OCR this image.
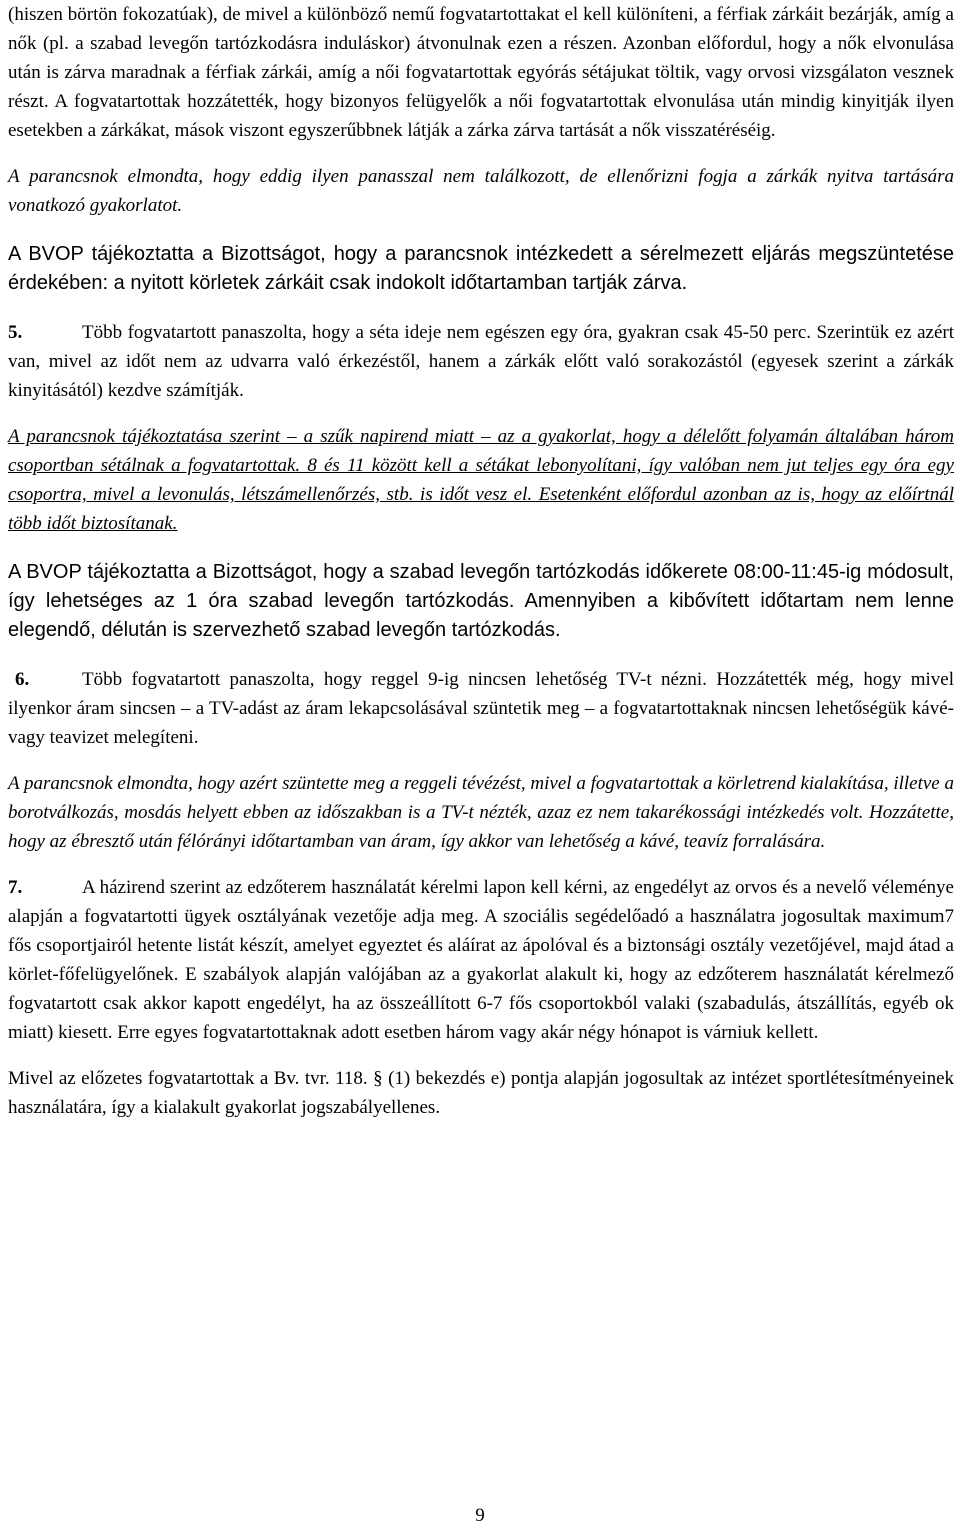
(hiszen börtön fokozatúak), de mivel a különböző nemű fogvatartottakat el kell különíteni, a férfiak zárkáit bezárják, amíg a nők (pl. a szabad levegőn tartózkodásra induláskor) átvonulnak ezen a részen. Azonban előfordul, hogy a nők elvonulása után is zárva maradnak a férfiak zárkái, amíg a női fogvatartottak egyórás sétájukat töltik, vagy orvosi vizsgálaton vesznek részt. A fogvatartottak hozzátették, hogy bizonyos felügyelők a női fogvatartottak elvonulása után mindig kinyitják ilyen esetekben a zárkákat, mások viszont egyszerűbbnek látják a zárka zárva tartását a nők visszatéréséig.

A parancsnok elmondta, hogy eddig ilyen panasszal nem találkozott, de ellenőrizni fogja a zárkák nyitva tartására vonatkozó gyakorlatot.

A BVOP tájékoztatta a Bizottságot, hogy a parancsnok intézkedett a sérelmezett eljárás megszüntetése érdekében: a nyitott körletek zárkáit csak indokolt időtartamban tartják zárva.

5.	Több fogvatartott panaszolta, hogy a séta ideje nem egészen egy óra, gyakran csak 45-50 perc. Szerintük ez azért van, mivel az időt nem az udvarra való érkezéstől, hanem a zárkák előtt való sorakozástól (egyesek szerint a zárkák kinyitásától) kezdve számítják.

A parancsnok tájékoztatása szerint – a szűk napirend miatt – az a gyakorlat, hogy a délelőtt folyamán általában három csoportban sétálnak a fogvatartottak. 8 és 11 között kell a sétákat lebonyolítani, így valóban nem jut teljes egy óra egy csoportra, mivel a levonulás, létszámellenőrzés, stb. is időt vesz el. Esetenként előfordul azonban az is, hogy az előírtnál több időt biztosítanak.

A BVOP tájékoztatta a Bizottságot, hogy a szabad levegőn tartózkodás időkerete 08:00-11:45-ig módosult, így lehetséges az 1 óra szabad levegőn tartózkodás. Amennyiben a kibővített időtartam nem lenne elegendő, délután is szervezhető szabad levegőn tartózkodás.

6.	Több fogvatartott panaszolta, hogy reggel 9-ig nincsen lehetőség TV-t nézni. Hozzátették még, hogy mivel ilyenkor áram sincsen – a TV-adást az áram lekapcsolásával szüntetik meg – a fogvatartottaknak nincsen lehetőségük kávé- vagy teavizet melegíteni.

A parancsnok elmondta, hogy azért szüntette meg a reggeli tévézést, mivel a fogvatartottak a körletrend kialakítása, illetve a borotválkozás, mosdás helyett ebben az időszakban is a TV-t nézték, azaz ez nem takarékossági intézkedés volt. Hozzátette, hogy az ébresztő után félórányi időtartamban van áram, így akkor van lehetőség a kávé, teavíz forralására.

7.	A házirend szerint az edzőterem használatát kérelmi lapon kell kérni, az engedélyt az orvos és a nevelő véleménye alapján a fogvatartotti ügyek osztályának vezetője adja meg. A szociális segédelőadó a használatra jogosultak maximum7 fős csoportjairól hetente listát készít, amelyet egyeztet és aláírat az ápolóval és a biztonsági osztály vezetőjével, majd átad a körlet-főfelügyelőnek. E szabályok alapján valójában az a gyakorlat alakult ki, hogy az edzőterem használatát kérelmező fogvatartott csak akkor kapott engedélyt, ha az összeállított 6-7 fős csoportokból valaki (szabadulás, átszállítás, egyéb ok miatt) kiesett. Erre egyes fogvatartottaknak adott esetben három vagy akár négy hónapot is várniuk kellett.

Mivel az előzetes fogvatartottak a Bv. tvr. 118. § (1) bekezdés e) pontja alapján jogosultak az intézet sportlétesítményeinek használatára, így a kialakult gyakorlat jogszabályellenes.

9
